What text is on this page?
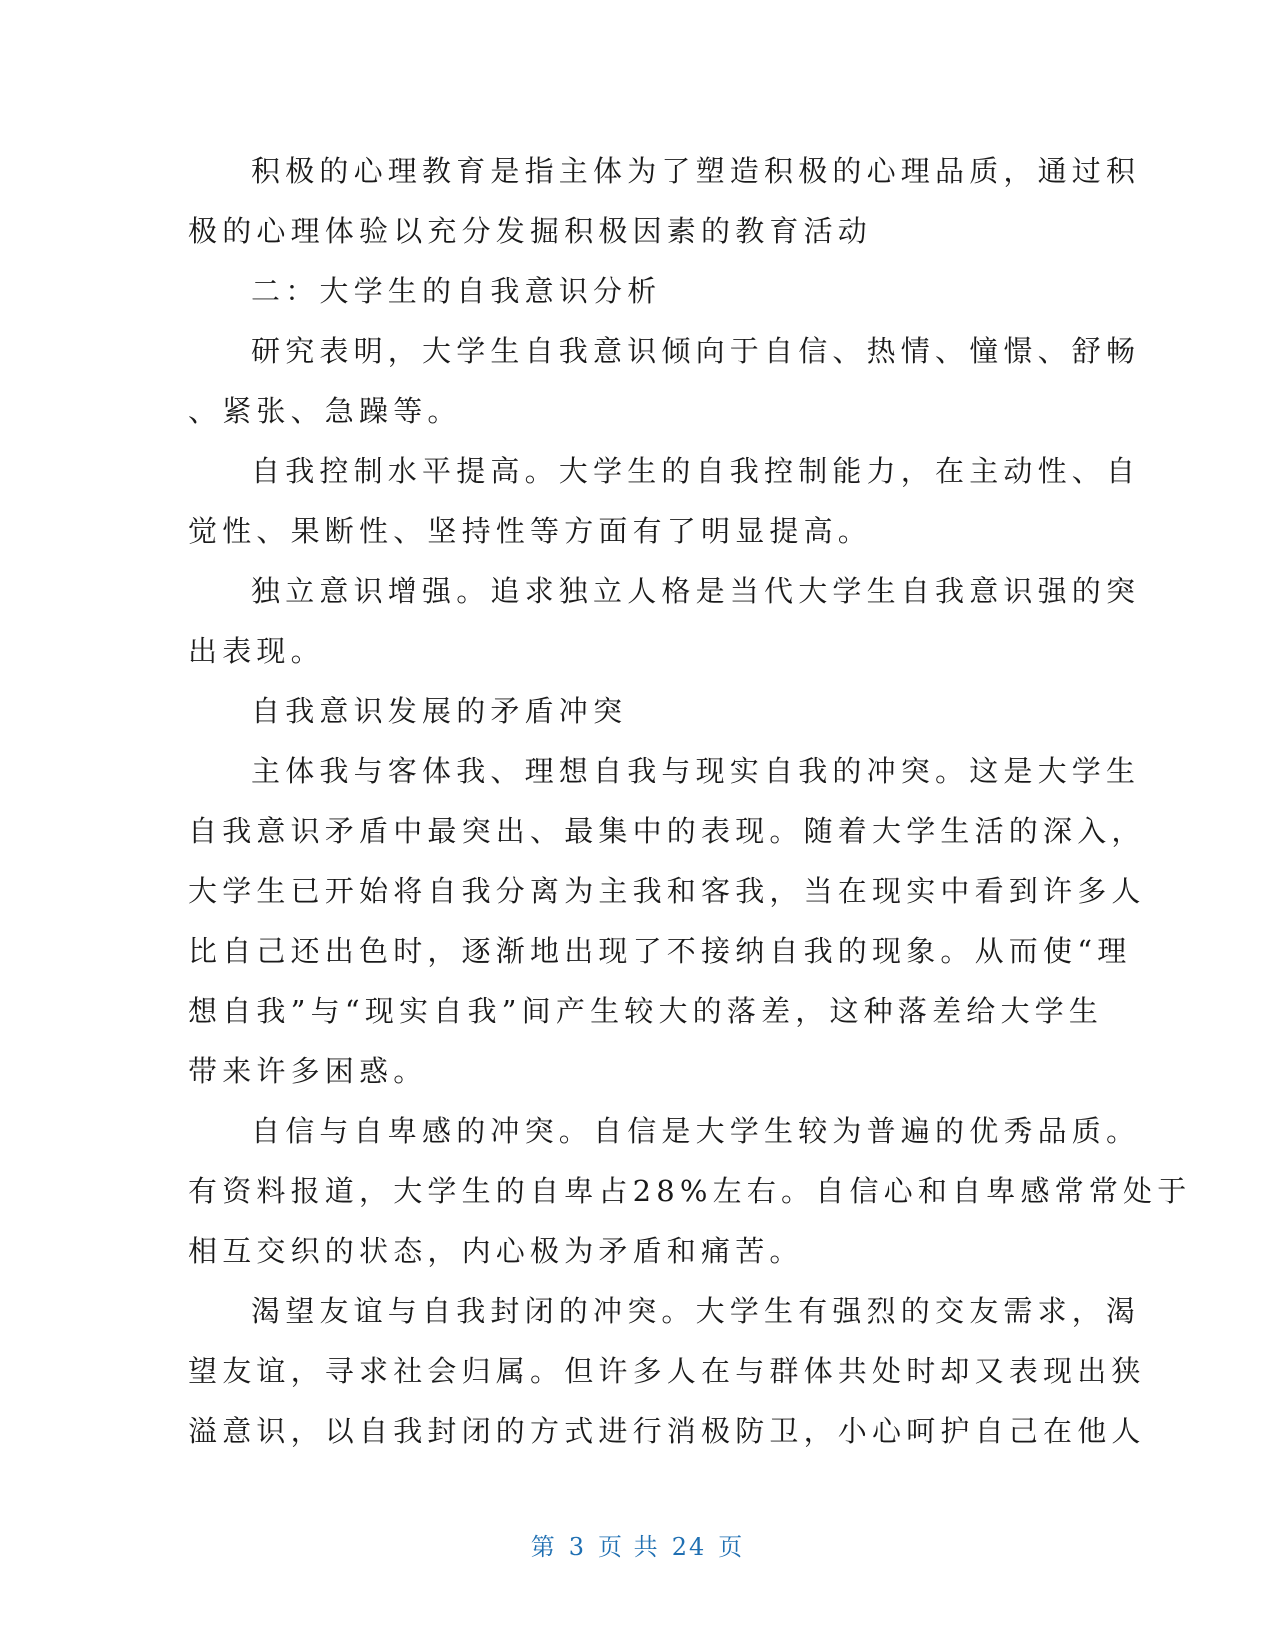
积极的心理教育是指主体为了塑造积极的心理品质，通过积
极的心理体验以充分发掘积极因素的教育活动
二：大学生的自我意识分析
研究表明，大学生自我意识倾向于自信、热情、憧憬、舒畅
、紧张、急躁等。
自我控制水平提高。大学生的自我控制能力，在主动性、自
觉性、果断性、坚持性等方面有了明显提高。
独立意识增强。追求独立人格是当代大学生自我意识强的突
出表现。
自我意识发展的矛盾冲突
主体我与客体我、理想自我与现实自我的冲突。这是大学生
自我意识矛盾中最突出、最集中的表现。随着大学生活的深入，
大学生已开始将自我分离为主我和客我，当在现实中看到许多人
比自己还出色时，逐渐地出现了不接纳自我的现象。从而使“理
想自我”与“现实自我”间产生较大的落差，这种落差给大学生
带来许多困惑。
自信与自卑感的冲突。自信是大学生较为普遍的优秀品质。
有资料报道，大学生的自卑占28%左右。自信心和自卑感常常处于
相互交织的状态，内心极为矛盾和痛苦。
渴望友谊与自我封闭的冲突。大学生有强烈的交友需求，渴
望友谊，寻求社会归属。但许多人在与群体共处时却又表现出狭
溢意识，以自我封闭的方式进行消极防卫，小心呵护自己在他人
第 3 页 共 24 页
